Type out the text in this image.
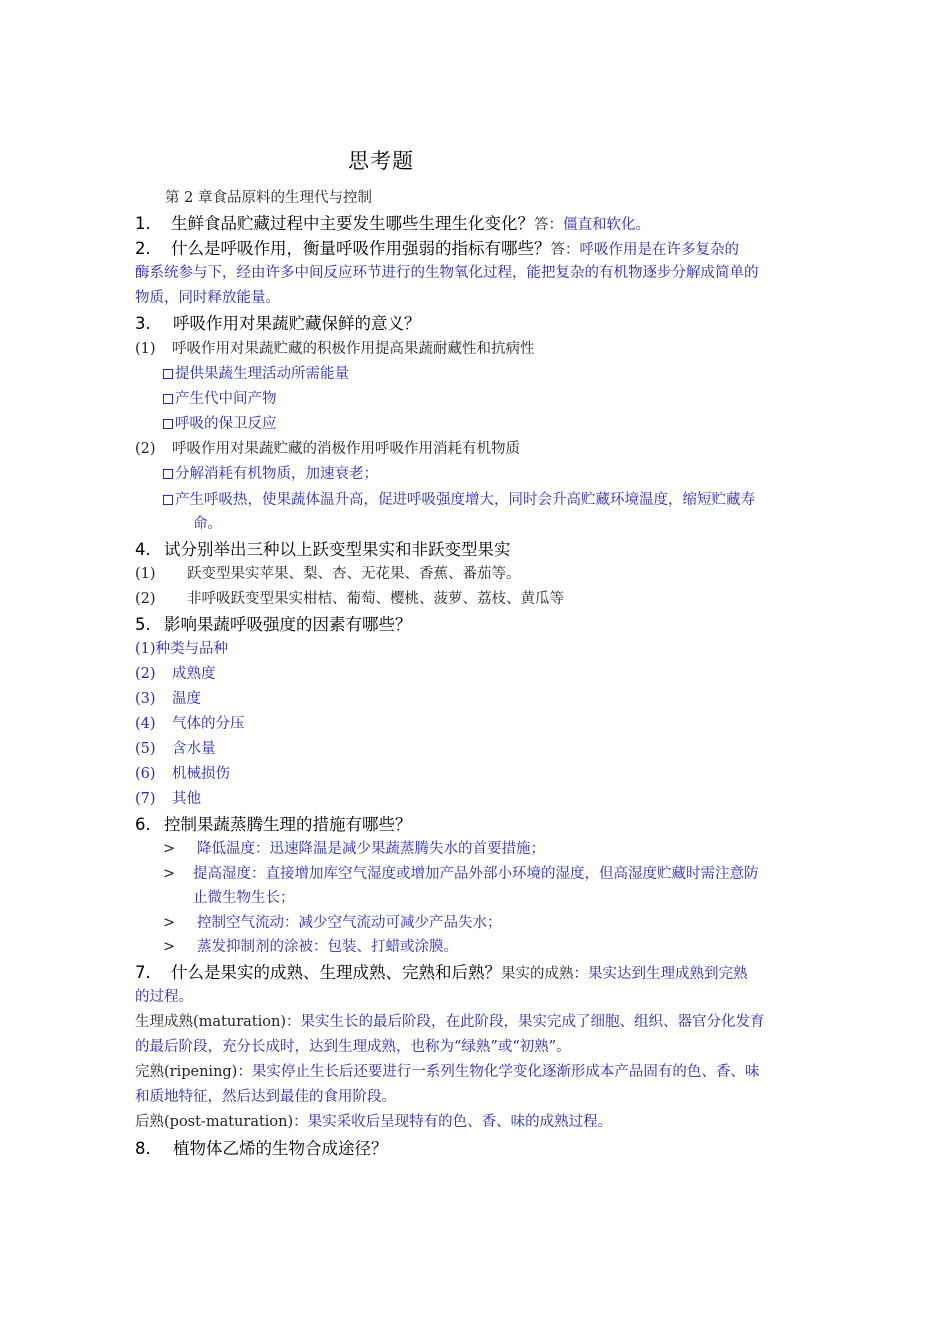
思考题
第 2 章食品原料的生理代与控制
1. 生鲜食品贮藏过程中主要发生哪些生理生化变化？答：僵直和软化。
2. 什么是呼吸作用，衡量呼吸作用强弱的指标有哪些？答：呼吸作用是在许多复杂的
酶系统参与下，经由许多中间反应环节进行的生物氧化过程，能把复杂的有机物逐步分解成简单的
物质，同时释放能量。
3. 呼吸作用对果蔬贮藏保鲜的意义？
(1) 呼吸作用对果蔬贮藏的积极作用提高果蔬耐藏性和抗病性
提供果蔬生理活动所需能量
产生代中间产物
呼吸的保卫反应
(2) 呼吸作用对果蔬贮藏的消极作用呼吸作用消耗有机物质
分解消耗有机物质，加速衰老；
产生呼吸热，使果蔬体温升高，促进呼吸强度增大，同时会升高贮藏环境温度，缩短贮藏寿
命。
4. 试分别举出三种以上跃变型果实和非跃变型果实
(1) 跃变型果实苹果、梨、杏、无花果、香蕉、番茄等。
(2) 非呼吸跃变型果实柑桔、葡萄、樱桃、菠萝、荔枝、黄瓜等
5. 影响果蔬呼吸强度的因素有哪些？
(1)种类与品种
(2) 成熟度
(3) 温度
(4) 气体的分压
(5) 含水量
(6) 机械损伤
(7) 其他
6. 控制果蔬蒸腾生理的措施有哪些？
> 降低温度：迅速降温是减少果蔬蒸腾失水的首要措施；
> 提高湿度：直接增加库空气湿度或增加产品外部小环境的湿度，但高湿度贮藏时需注意防
止微生物生长；
> 控制空气流动：减少空气流动可减少产品失水；
> 蒸发抑制剂的涂被：包装、打蜡或涂膜。
7. 什么是果实的成熟、生理成熟、完熟和后熟？果实的成熟：果实达到生理成熟到完熟
的过程。
生理成熟(maturation)：果实生长的最后阶段，在此阶段，果实完成了细胞、组织、器官分化发育
的最后阶段，充分长成时，达到生理成熟，也称为“绿熟”或“初熟”。
完熟(ripening)：果实停止生长后还要进行一系列生物化学变化逐渐形成本产品固有的色、香、味
和质地特征，然后达到最佳的食用阶段。
后熟(post-maturation)：果实采收后呈现特有的色、香、味的成熟过程。
8. 植物体乙烯的生物合成途径？
